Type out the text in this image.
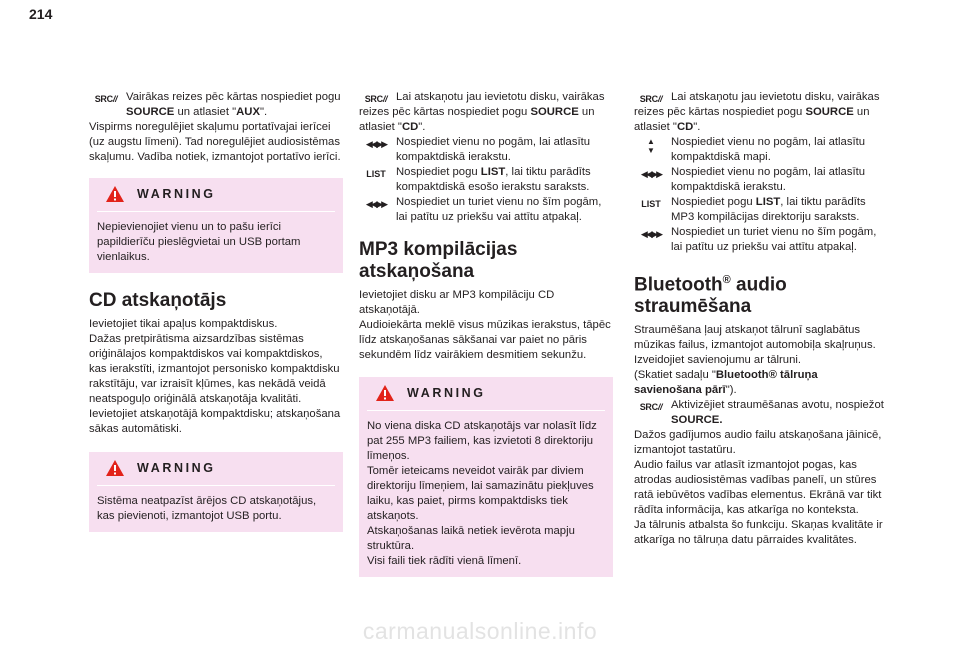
214
SRC// Vairākas reizes pēc kārtas nospiediet pogu SOURCE un atlasiet "AUX".

Vispirms noregulējiet skaļumu portatīvajai ierīcei (uz augstu līmeni). Tad noregulējiet audiosistēmas skaļumu. Vadība notiek, izmantojot portatīvo ierīci.

WARNING

Nepievienojiet vienu un to pašu ierīci papildierīču pieslēgvietai un USB portam vienlaikus.

CD atskaņotājs

Ievietojiet tikai apaļus kompaktdiskus.
Dažas pretpirātisma aizsardzības sistēmas oriģinālajos kompaktdiskos vai kompaktdiskos, kas ierakstīti, izmantojot personisko kompaktdisku rakstītāju, var izraisīt kļūmes, kas nekādā veidā neatspoguļo oriģinālā atskaņotāja kvalitāti.
Ievietojiet atskaņotājā kompaktdisku; atskaņošana sākas automātiski.

WARNING

Sistēma neatpazīst ārējos CD atskaņotājus, kas pievienoti, izmantojot USB portu.

SRC// Lai atskaņotu jau ievietotu disku, vairākas reizes pēc kārtas nospiediet pogu SOURCE un atlasiet "CD".

◀◀ ▶▶ Nospiediet vienu no pogām, lai atlasītu kompaktdiskā ierakstu.

LIST Nospiediet pogu LIST, lai tiktu parādīts kompaktdiskā esošo ierakstu saraksts.

◀◀ ▶▶ Nospiediet un turiet vienu no šīm pogām, lai patītu uz priekšu vai attītu atpakaļ.

MP3 kompilācijas atskaņošana

Ievietojiet disku ar MP3 kompilāciju CD atskaņotājā.
Audioiekārta meklē visus mūzikas ierakstus, tāpēc līdz atskaņošanas sākšanai var paiet no pāris sekundēm līdz vairākiem desmitiem sekunžu.

WARNING

No viena diska CD atskaņotājs var nolasīt līdz pat 255 MP3 failiem, kas izvietoti 8 direktoriju līmeņos.
Tomēr ieteicams neveidot vairāk par diviem direktoriju līmeņiem, lai samazinātu piekļuves laiku, kas paiet, pirms kompaktdisks tiek atskaņots.
Atskaņošanas laikā netiek ievērota mapju struktūra.
Visi faili tiek rādīti vienā līmenī.

SRC// Lai atskaņotu jau ievietotu disku, vairākas reizes pēc kārtas nospiediet pogu SOURCE un atlasiet "CD".

▲
▼

Nospiediet vienu no pogām, lai atlasītu kompaktdiskā mapi.

◀◀ ▶▶ Nospiediet vienu no pogām, lai atlasītu kompaktdiskā ierakstu.

LIST Nospiediet pogu LIST, lai tiktu parādīts MP3 kompilācijas direktoriju saraksts.

◀◀ ▶▶ Nospiediet un turiet vienu no šīm pogām, lai patītu uz priekšu vai attītu atpakaļ.

Bluetooth® audio straumēšana

Straumēšana ļauj atskaņot tālrunī saglabātus mūzikas failus, izmantojot automobiļa skaļruņus.
Izveidojiet savienojumu ar tālruni.
(Skatiet sadaļu "Bluetooth® tālruņa savienošana pārī").

SRC// Aktivizējiet straumēšanas avotu, nospiežot SOURCE.

Dažos gadījumos audio failu atskaņošana jāinicē, izmantojot tastatūru.
Audio failus var atlasīt izmantojot pogas, kas atrodas audiosistēmas vadības panelī, un stūres ratā iebūvētos vadības elementus. Ekrānā var tikt rādīta informācija, kas atkarīga no konteksta.
Ja tālrunis atbalsta šo funkciju. Skaņas kvalitāte ir atkarīga no tālruņa datu pārraides kvalitātes.

carmanualsonline.info
